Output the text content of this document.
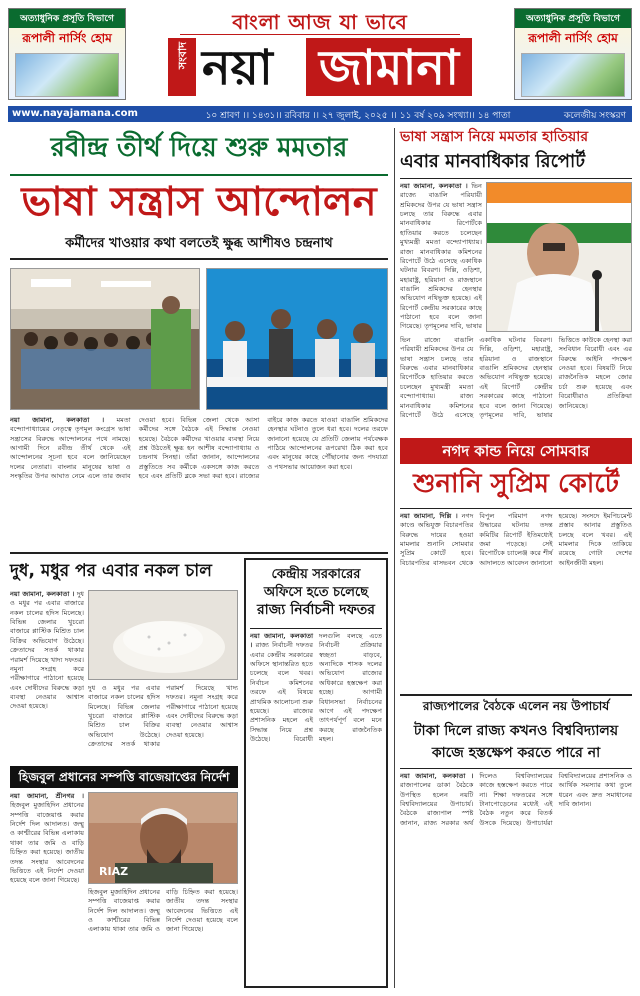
অত্যাধুনিক প্রসূতি বিভাগে
রূপালী নার্সিং হোম
অত্যাধুনিক প্রসূতি বিভাগে
রূপালী নার্সিং হোম
বাংলা আজ যা ভাবে
সংবাদ নয়া জামানা
www.nayajamana.com	১০ শ্রাবণ ।। ১৪৩১।। রবিবার ।। ২৭ জুলাই, ২০২৫ ।। ১১ বর্ষ ২০৯ সংখ্যা।। ১৪ পাতা	কলেজীয় সংস্করণ
রবীন্দ্র তীর্থ দিয়ে শুরু মমতার
ভাষা সন্ত্রাস আন্দোলন
কর্মীদের খাওয়ার কথা বলতেই ক্ষুব্ধ আশীষও চন্দ্রনাথ
নয়া জামানা, কলকাতা । মমতা বন্দ্যোপাধ্যায়ের নেতৃত্বে তৃণমূল কংগ্রেস ভাষা সন্ত্রাসের বিরুদ্ধে আন্দোলনের পথে নামছে। আগামী দিনে রবীন্দ্র তীর্থ থেকে এই আন্দোলনের সূচনা হবে বলে জানিয়েছেন দলের নেতারা। বাংলার মানুষের ভাষা ও সংস্কৃতির উপর আঘাত নেমে এলে তার জবাব দেওয়া হবে। বিভিন্ন জেলা থেকে আসা কর্মীদের সঙ্গে বৈঠকে এই সিদ্ধান্ত নেওয়া হয়েছে। বৈঠকে কর্মীদের খাওয়ার ব্যবস্থা নিয়ে প্রশ্ন উঠতেই ক্ষুব্ধ হন আশীষ বন্দ্যোপাধ্যায় ও চন্দ্রনাথ সিনহা। তাঁরা জানান, আন্দোলনের প্রস্তুতিতে সব কর্মীকে একসঙ্গে কাজ করতে হবে এবং প্রতিটি ব্লকে সভা করা হবে। রাজ্যের বাইরে কাজ করতে যাওয়া বাঙালি শ্রমিকদের হেনস্থার ঘটনাও তুলে ধরা হবে। দলের তরফে জানানো হয়েছে যে প্রতিটি জেলায় পর্যবেক্ষক পাঠিয়ে আন্দোলনের রূপরেখা ঠিক করা হবে এবং মানুষের কাছে পৌঁছানোর জন্য পদযাত্রা ও পথসভার আয়োজন করা হবে।
ভাষা সন্ত্রাস নিয়ে মমতার হাতিয়ার
এবার মানবাধিকার রিপোর্ট
নয়া জামানা, কলকাতা । ভিন রাজ্যে বাঙালি পরিযায়ী শ্রমিকদের উপর যে ভাষা সন্ত্রাস চলছে তার বিরুদ্ধে এবার মানবাধিকার রিপোর্টকে হাতিয়ার করতে চলেছেন মুখ্যমন্ত্রী মমতা বন্দ্যোপাধ্যায়। রাজ্য মানবাধিকার কমিশনের রিপোর্টে উঠে এসেছে একাধিক ঘটনার বিবরণ। দিল্লি, ওড়িশা, মহারাষ্ট্র, হরিয়ানা ও রাজস্থানে বাঙালি শ্রমিকদের হেনস্থার অভিযোগ নথিভুক্ত হয়েছে। এই রিপোর্ট কেন্দ্রীয় সরকারের কাছে পাঠানো হবে বলে জানা গিয়েছে। তৃণমূলের দাবি, ভাষার
ভিন রাজ্যে বাঙালি পরিযায়ী শ্রমিকদের উপর যে ভাষা সন্ত্রাস চলছে তার বিরুদ্ধে এবার মানবাধিকার রিপোর্টকে হাতিয়ার করতে চলেছেন মুখ্যমন্ত্রী মমতা বন্দ্যোপাধ্যায়। রাজ্য মানবাধিকার কমিশনের রিপোর্টে উঠে এসেছে একাধিক ঘটনার বিবরণ। দিল্লি, ওড়িশা, মহারাষ্ট্র, হরিয়ানা ও রাজস্থানে বাঙালি শ্রমিকদের হেনস্থার অভিযোগ নথিভুক্ত হয়েছে। এই রিপোর্ট কেন্দ্রীয় সরকারের কাছে পাঠানো হবে বলে জানা গিয়েছে। তৃণমূলের দাবি, ভাষার ভিত্তিতে কাউকে হেনস্থা করা সংবিধান বিরোধী এবং এর বিরুদ্ধে আইনি পদক্ষেপ নেওয়া হবে। বিষয়টি নিয়ে রাজনৈতিক মহলে জোর চর্চা শুরু হয়েছে এবং বিরোধীরাও প্রতিক্রিয়া জানিয়েছে।
নগদ কান্ড নিয়ে সোমবার
শুনানি সুপ্রিম কোর্টে
নয়া জামানা, দিল্লি । নগদ কাণ্ডে অভিযুক্ত বিচারপতির বিরুদ্ধে দায়ের হওয়া মামলার শুনানি সোমবার সুপ্রিম কোর্টে হবে। বিচারপতির বাসভবন থেকে বিপুল পরিমাণ নগদ উদ্ধারের ঘটনায় তদন্ত কমিটির রিপোর্ট ইতিমধ্যেই জমা পড়েছে। সেই রিপোর্টকে চ্যালেঞ্জ করে শীর্ষ আদালতে আবেদন জানানো হয়েছে। সংসদে ইমপিচমেন্ট প্রস্তাব আনার প্রস্তুতিও চলছে বলে খবর। এই মামলার দিকে তাকিয়ে রয়েছে গোটা দেশের আইনজীবী মহল।
দুধ, মধুর পর এবার নকল চাল
নয়া জামানা, কলকাতা । দুধ ও মধুর পর এবার বাজারে নকল চালের হদিস মিলেছে। বিভিন্ন জেলার খুচরো বাজারে প্লাস্টিক মিশ্রিত চাল বিক্রির অভিযোগ উঠেছে। ক্রেতাদের সতর্ক থাকার পরামর্শ দিয়েছে খাদ্য দফতর। নমুনা সংগ্রহ করে পরীক্ষাগারে পাঠানো হয়েছে এবং দোষীদের বিরুদ্ধে কড়া ব্যবস্থা নেওয়ার আশ্বাস দেওয়া হয়েছে।
দুধ ও মধুর পর এবার বাজারে নকল চালের হদিস মিলেছে। বিভিন্ন জেলার খুচরো বাজারে প্লাস্টিক মিশ্রিত চাল বিক্রির অভিযোগ উঠেছে। ক্রেতাদের সতর্ক থাকার পরামর্শ দিয়েছে খাদ্য দফতর। নমুনা সংগ্রহ করে পরীক্ষাগারে পাঠানো হয়েছে এবং দোষীদের বিরুদ্ধে কড়া ব্যবস্থা নেওয়ার আশ্বাস দেওয়া হয়েছে।
কেন্দ্রীয় সরকারের
অফিসে হতে চলেছে
রাজ্য নির্বাচনী দফতর
নয়া জামানা, কলকাতা । রাজ্য নির্বাচনী দফতর এবার কেন্দ্রীয় সরকারের অফিসে স্থানান্তরিত হতে চলেছে বলে খবর। নির্বাচন কমিশনের তরফে এই বিষয়ে প্রাথমিক আলোচনা শুরু হয়েছে। রাজ্যের প্রশাসনিক মহলে এই সিদ্ধান্ত নিয়ে প্রশ্ন উঠেছে। বিরোধী দলগুলি বলছে এতে নির্বাচনী প্রক্রিয়ার স্বচ্ছতা বাড়বে, অন্যদিকে শাসক দলের অভিযোগ রাজ্যের অধিকারে হস্তক্ষেপ করা হচ্ছে। আগামী বিধানসভা নির্বাচনের আগে এই পদক্ষেপ তাৎপর্যপূর্ণ বলে মনে করছে রাজনৈতিক মহল।
হিজবুল প্রধানের সম্পত্তি বাজেয়াপ্তের নির্দেশ
নয়া জামানা, শ্রীনগর । হিজবুল মুজাহিদিন প্রধানের সম্পত্তি বাজেয়াপ্ত করার নির্দেশ দিল আদালত। জম্মু ও কাশ্মীরের বিভিন্ন এলাকায় থাকা তার জমি ও বাড়ি চিহ্নিত করা হয়েছে। জাতীয় তদন্ত সংস্থার আবেদনের ভিত্তিতে এই নির্দেশ দেওয়া হয়েছে বলে জানা গিয়েছে।
RIAZ
হিজবুল মুজাহিদিন প্রধানের সম্পত্তি বাজেয়াপ্ত করার নির্দেশ দিল আদালত। জম্মু ও কাশ্মীরের বিভিন্ন এলাকায় থাকা তার জমি ও বাড়ি চিহ্নিত করা হয়েছে। জাতীয় তদন্ত সংস্থার আবেদনের ভিত্তিতে এই নির্দেশ দেওয়া হয়েছে বলে জানা গিয়েছে।
রাজ্যপালের বৈঠকে এলেন নয় উপাচার্য
টাকা দিলে রাজ্য কখনও বিশ্ববিদ্যালয়
কাজে হস্তক্ষেপ করতে পারে না
নয়া জামানা, কলকাতা । রাজ্যপালের ডাকা বৈঠকে উপস্থিত হলেন নয়টি বিশ্ববিদ্যালয়ের উপাচার্য। বৈঠকে রাজ্যপাল স্পষ্ট জানান, রাজ্য সরকার অর্থ দিলেও বিশ্ববিদ্যালয়ের কাজে হস্তক্ষেপ করতে পারে না। শিক্ষা দফতরের সঙ্গে টানাপোড়েনের মধ্যেই এই বৈঠক নতুন করে বিতর্ক উসকে দিয়েছে। উপাচার্যরা বিশ্ববিদ্যালয়ের প্রশাসনিক ও আর্থিক সমস্যার কথা তুলে ধরেন এবং দ্রুত সমাধানের দাবি জানান।
